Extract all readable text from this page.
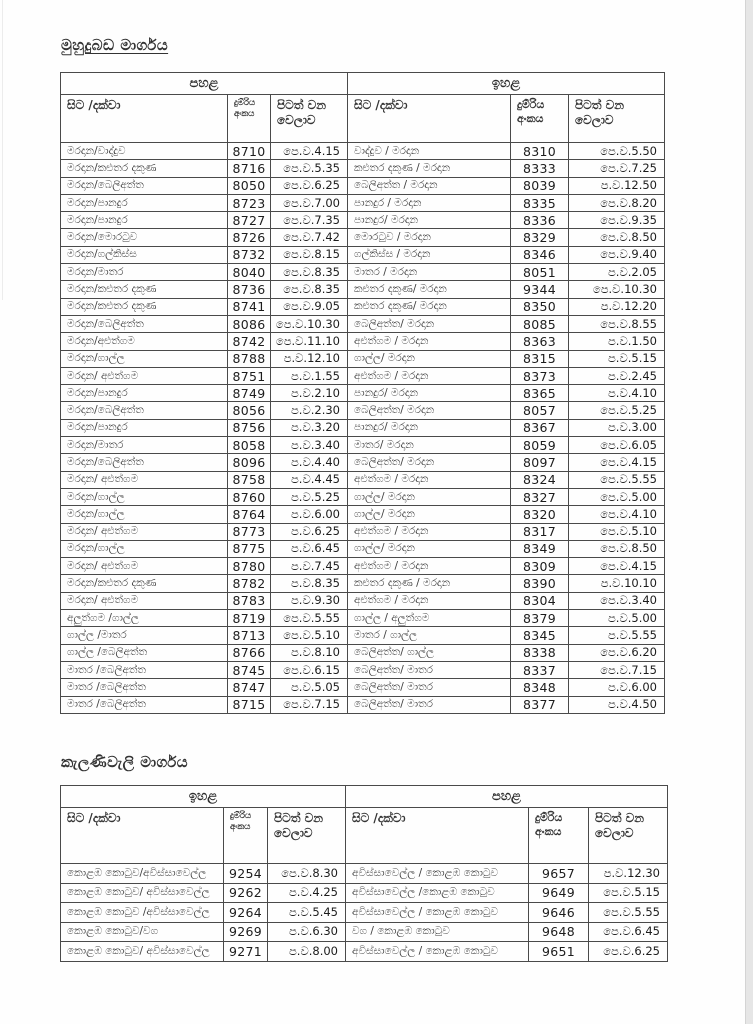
මුහුදුබඩ මාර්ගය
පහළ			ඉහළ		
සිට /දක්වා	දුම්රිය අංකය	පිටත් වන වෙලාව	සිට /දක්වා	දුම්රිය අංකය	පිටත් වන වෙලාව
මරදාන/වාද්දුව	8710	පෙ.ව.4.15	වාද්දුව / මරදාන	8310	පෙ.ව.5.50
මරදාන/කළුතර දකුණ	8716	පෙ.ව.5.35	කළුතර දකුණ / මරදාන	8333	පෙ.ව.7.25
මරදාන/බෙලිඅත්ත	8050	පෙ.ව.6.25	බෙලිඅත්ත / මරදාන	8039	ප.ව.12.50
මරදාන/පානදුර	8723	පෙ.ව.7.00	පානදුර / මරදාන	8335	පෙ.ව.8.20
මරදාන/පානදුර	8727	පෙ.ව.7.35	පානදුර/ මරදාන	8336	පෙ.ව.9.35
මරදාන/මොරටුව	8726	පෙ.ව.7.42	මොරටුව / මරදාන	8329	පෙ.ව.8.50
මරදාන/ගල්කිස්ස	8732	පෙ.ව.8.15	ගල්කිස්ස / මරදාන	8346	පෙ.ව.9.40
මරදාන/මාතර	8040	පෙ.ව.8.35	මාතර / මරදාන	8051	ප.ව.2.05
මරදාන/කළුතර දකුණ	8736	පෙ.ව.8.35	කළුතර දකුණ/ මරදාන	9344	පෙ.ව.10.30
මරදාන/කළුතර දකුණ	8741	පෙ.ව.9.05	කළුතර දකුණ/ මරදාන	8350	ප.ව.12.20
මරදාන/බෙලිඅත්ත	8086	පෙ.ව.10.30	බෙලිඅත්ත/ මරදාන	8085	පෙ.ව.8.55
මරදාන/අළුත්ගම	8742	පෙ.ව.11.10	අළුත්ගම / මරදාන	8363	ප.ව.1.50
මරදාන/ගාල්ල	8788	ප.ව.12.10	ගාල්ල/ මරදාන	8315	ප.ව.5.15
මරදාන/ අළුත්ගම	8751	ප.ව.1.55	අළුත්ගම / මරදාන	8373	ප.ව.2.45
මරදාන/පානදුර	8749	ප.ව.2.10	පානදුර/ මරදාන	8365	ප.ව.4.10
මරදාන/බෙලිඅත්ත	8056	ප.ව.2.30	බෙලිඅත්ත/ මරදාන	8057	පෙ.ව.5.25
මරදාන/පානදුර	8756	ප.ව.3.20	පානදුර/ මරදාන	8367	ප.ව.3.00
මරදාන/මාතර	8058	ප.ව.3.40	මාතර/ මරදාන	8059	පෙ.ව.6.05
මරදාන/බෙලිඅත්ත	8096	ප.ව.4.40	බෙලිඅත්ත/ මරදාන	8097	පෙ.ව.4.15
මරදාන/ අළුත්ගම	8758	ප.ව.4.45	අළුත්ගම / මරදාන	8324	පෙ.ව.5.55
මරදාන/ගාල්ල	8760	ප.ව.5.25	ගාල්ල/ මරදාන	8327	පෙ.ව.5.00
මරදාන/ගාල්ල	8764	ප.ව.6.00	ගාල්ල/ මරදාන	8320	පෙ.ව.4.10
මරදාන/ අළුත්ගම	8773	ප.ව.6.25	අළුත්ගම / මරදාන	8317	පෙ.ව.5.10
මරදාන/ගාල්ල	8775	ප.ව.6.45	ගාල්ල/ මරදාන	8349	පෙ.ව.8.50
මරදාන/ අළුත්ගම	8780	ප.ව.7.45	අළුත්ගම / මරදාන	8309	පෙ.ව.4.15
මරදාන/කළුතර දකුණ	8782	ප.ව.8.35	කළුතර දකුණ / මරදාන	8390	ප.ව.10.10
මරදාන/ අළුත්ගම	8783	ප.ව.9.30	අළුත්ගම / මරදාන	8304	පෙ.ව.3.40
අලුත්ගම /ගාල්ල	8719	පෙ.ව.5.55	ගාල්ල / අලුත්ගම	8379	ප.ව.5.00
ගාල්ල /මාතර	8713	පෙ.ව.5.10	මාතර / ගාල්ල	8345	ප.ව.5.55
ගාල්ල /බෙලිඅත්ත	8766	ප.ව.8.10	බෙලිඅත්ත/ ගාල්ල	8338	පෙ.ව.6.20
මාතර /බෙලිඅත්ත	8745	පෙ.ව.6.15	බෙලිඅත්ත/ මාතර	8337	පෙ.ව.7.15
මාතර /බෙලිඅත්ත	8747	ප.ව.5.05	බෙලිඅත්ත/ මාතර	8348	ප.ව.6.00
මාතර /බෙලිඅත්ත	8715	පෙ.ව.7.15	බෙලිඅත්ත/ මාතර	8377	ප.ව.4.50
කැලණිවැලි මාර්ගය
ඉහළ			පහළ		
සිට /දක්වා	දුම්රිය අංකය	පිටත් වන වෙලාව	සිට /දක්වා	දුම්රිය අංකය	පිටත් වන වෙලාව
කොළඹ කොටුව/අවිස්සාවෙල්ල	9254	පෙ.ව.8.30	අවිස්සාවෙල්ල / කොළඹ කොටුව	9657	ප.ව.12.30
කොළඹ කොටුව/ අවිස්සාවෙල්ල	9262	ප.ව.4.25	අවිස්සාවෙල්ල /කොළඹ කොටුව	9649	පෙ.ව.5.15
කොළඹ කොටුව /අවිස්සාවෙල්ල	9264	ප.ව.5.45	අවිස්සාවෙල්ල / කොළඹ කොටුව	9646	පෙ.ව.5.55
කොළඹ කොටුව/වග	9269	ප.ව.6.30	වග / කොළඹ කොටුව	9648	පෙ.ව.6.45
කොළඹ කොටුව/ අවිස්සාවෙල්ල	9271	ප.ව.8.00	අවිස්සාවෙල්ල / කොළඹ කොටුව	9651	පෙ.ව.6.25
